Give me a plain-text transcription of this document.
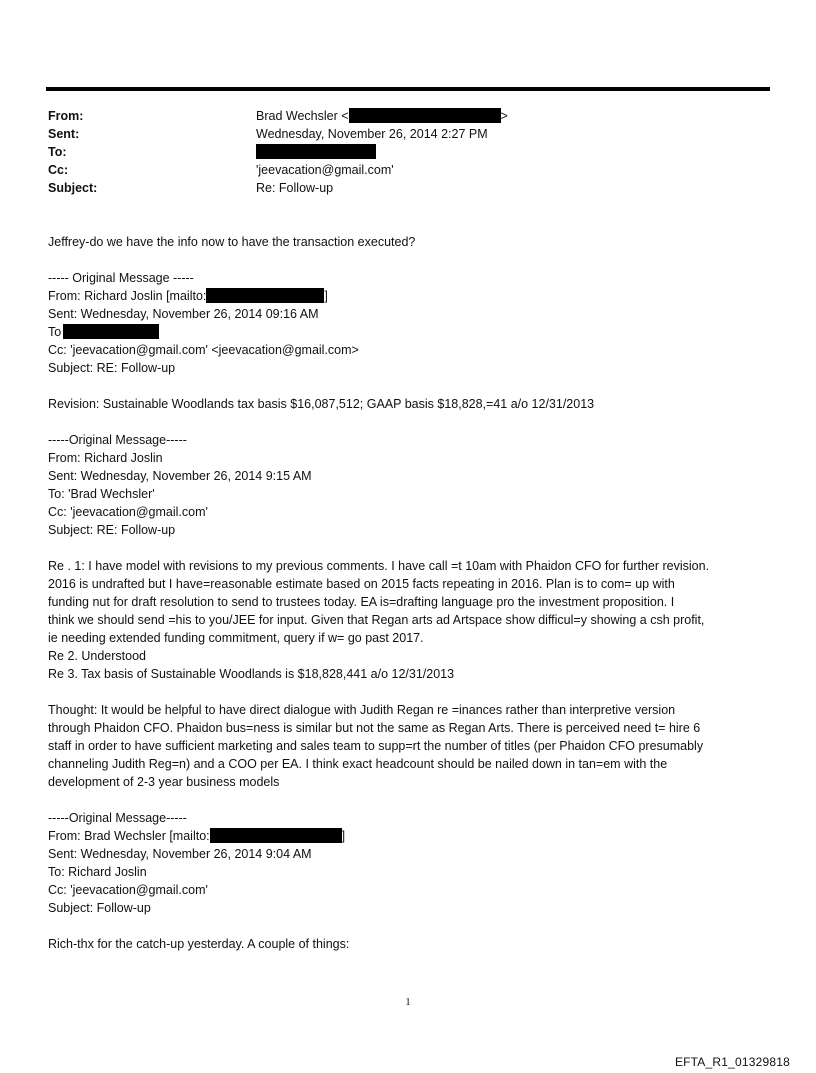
From:	Brad Wechsler <	>
Sent:	Wednesday, November 26, 2014 2:27 PM
To:
Cc:	'jeevacation@gmail.com'
Subject:	Re: Follow-up
Jeffrey-do we have the info now to have the transaction executed?
----- Original Message -----
From: Richard Joslin [mailto:	]
Sent: Wednesday, November 26, 2014 09:16 AM
To
Cc: 'jeevacation@gmail.com' <jeevacation@gmail.com>
Subject: RE: Follow-up
Revision: Sustainable Woodlands tax basis $16,087,512; GAAP basis $18,828,=41 a/o 12/31/2013
-----Original Message-----
From: Richard Joslin
Sent: Wednesday, November 26, 2014 9:15 AM
To: 'Brad Wechsler'
Cc: 'jeevacation@gmail.com'
Subject: RE: Follow-up
Re . 1: I have model with revisions to my previous comments. I have call =t 10am with Phaidon CFO for further revision.
2016 is undrafted but I have=reasonable estimate based on 2015 facts repeating in 2016. Plan is to com= up with
funding nut for draft resolution to send to trustees today. EA is=drafting language pro the investment proposition. I
think we should send =his to you/JEE for input. Given that Regan arts ad Artspace show difficul=y showing a csh profit,
ie needing extended funding commitment, query if w= go past 2017.
Re 2. Understood
Re 3. Tax basis of Sustainable Woodlands is $18,828,441 a/o 12/31/2013
Thought: It would be helpful to have direct dialogue with Judith Regan re =inances rather than interpretive version
through Phaidon CFO. Phaidon bus=ness is similar but not the same as Regan Arts. There is perceived need t= hire 6
staff in order to have sufficient marketing and sales team to supp=rt the number of titles (per Phaidon CFO presumably
channeling Judith Reg=n) and a COO per EA. I think exact headcount should be nailed down in tan=em with the
development of 2-3 year business models
-----Original Message-----
From: Brad Wechsler [mailto:	]
Sent: Wednesday, November 26, 2014 9:04 AM
To: Richard Joslin
Cc: 'jeevacation@gmail.com'
Subject: Follow-up
Rich-thx for the catch-up yesterday. A couple of things:
1
EFTA_R1_01329818
